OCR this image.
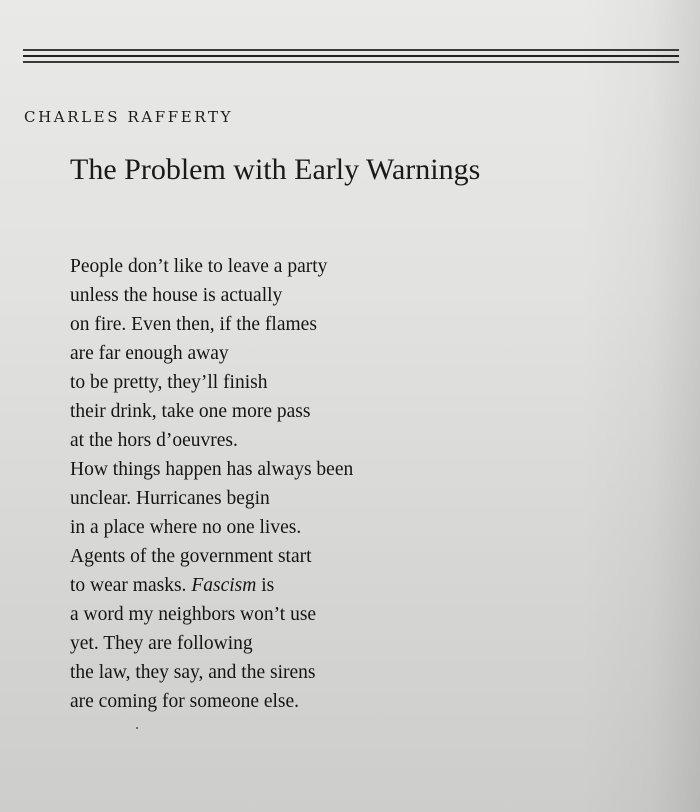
CHARLES RAFFERTY
The Problem with Early Warnings
People don’t like to leave a party
unless the house is actually
on fire. Even then, if the flames
are far enough away
to be pretty, they’ll finish
their drink, take one more pass
at the hors d’oeuvres.
How things happen has always been
unclear. Hurricanes begin
in a place where no one lives.
Agents of the government start
to wear masks. Fascism is
a word my neighbors won’t use
yet. They are following
the law, they say, and the sirens
are coming for someone else.
